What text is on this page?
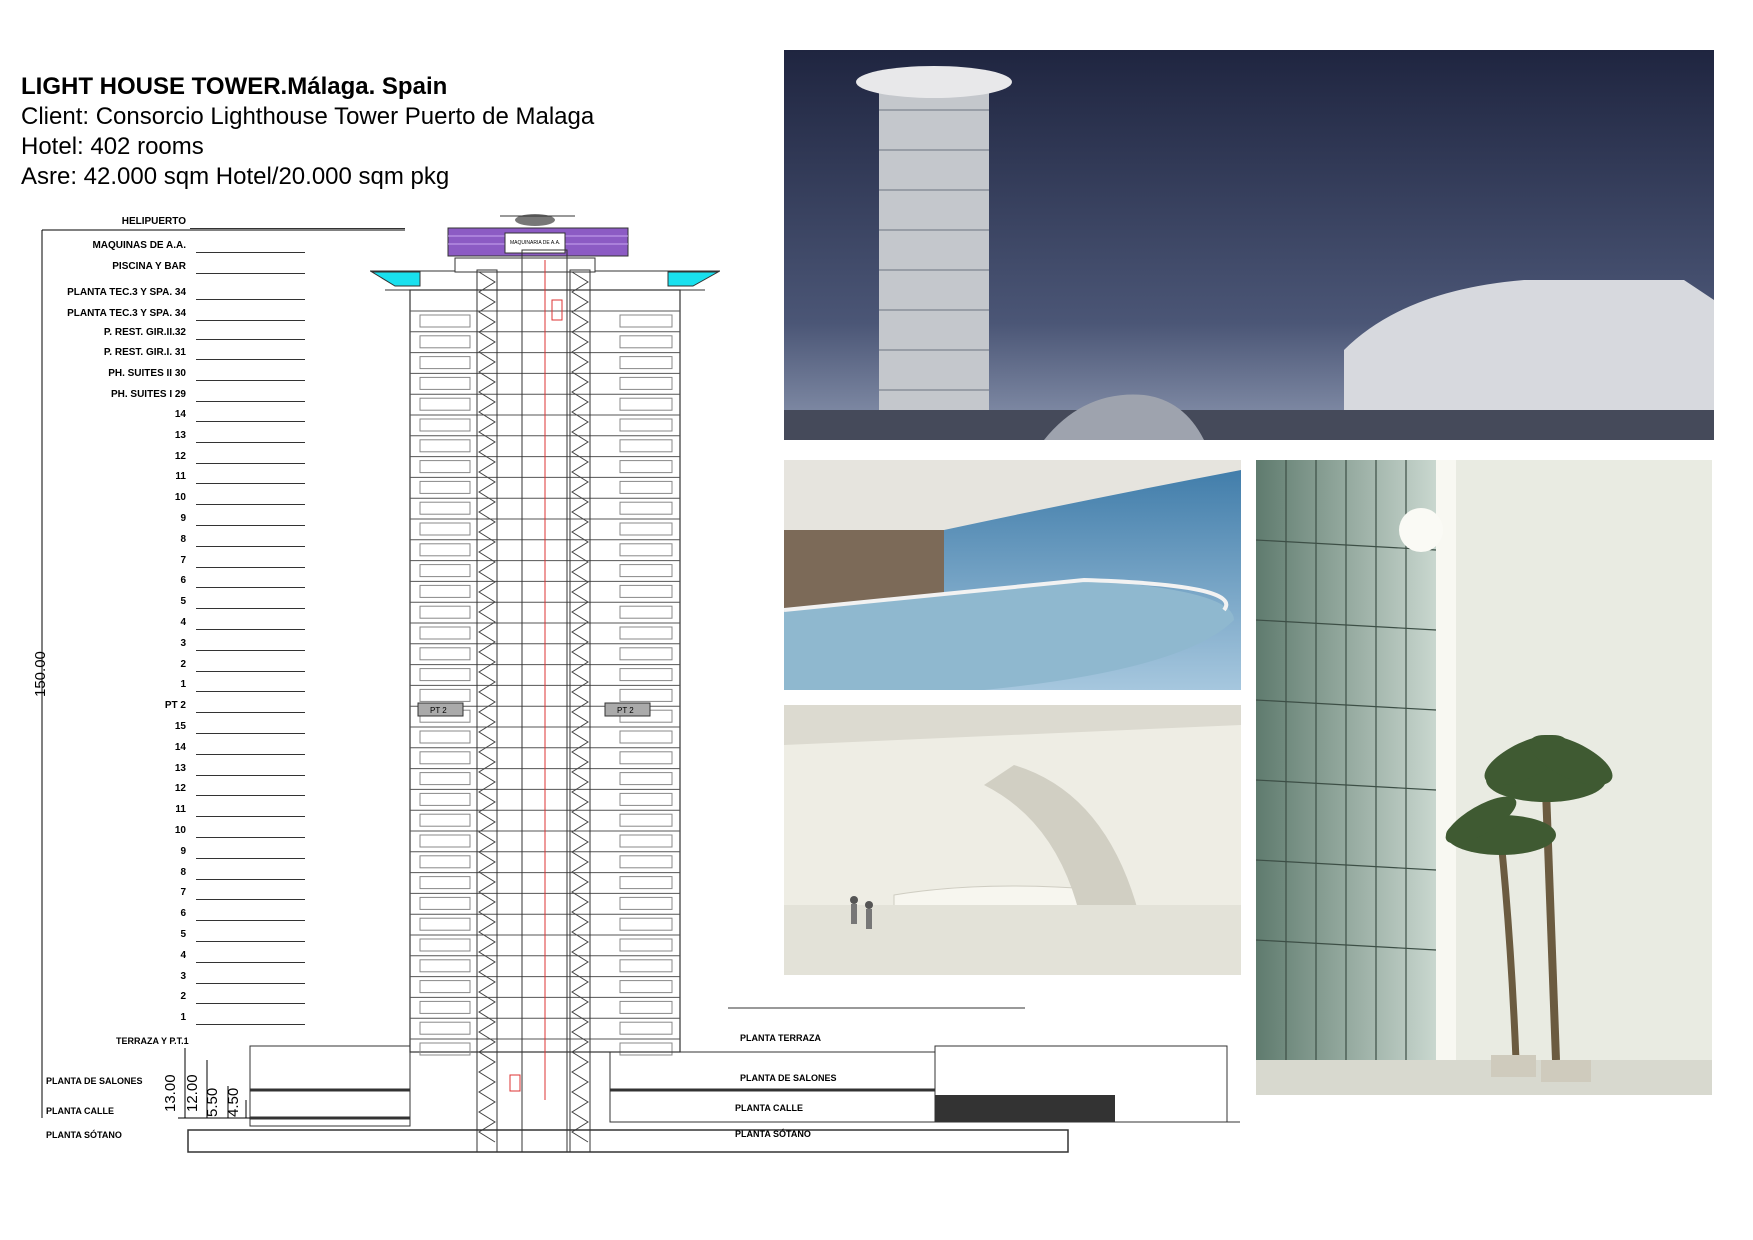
LIGHT HOUSE TOWER.Málaga. Spain
Client: Consorcio Lighthouse Tower Puerto de Malaga
Hotel: 402 rooms
Asre: 42.000 sqm Hotel/20.000 sqm pkg
MAQUINARIA DE A.A.
PT 2	PT 2
150.00
13.00 12.00 5.50 4.50
HELIPUERTO
MAQUINAS DE A.A.
PISCINA Y BAR
PLANTA TEC.3 Y SPA. 34
PLANTA TEC.3 Y SPA. 34
P. REST. GIR.II.32
P. REST. GIR.I. 31
PH. SUITES II 30
PH. SUITES I 29
14
13
12
11
10
9
8
7
6
5
4
3
2
1
PT 2
15
14
13
12
11
10
9
8
7
6
5
4
3
2
1
TERRAZA Y P.T.1
PLANTA DE SALONES
PLANTA CALLE
PLANTA SÓTANO
PLANTA TERRAZA
PLANTA DE SALONES
PLANTA CALLE
PLANTA SÓTANO
